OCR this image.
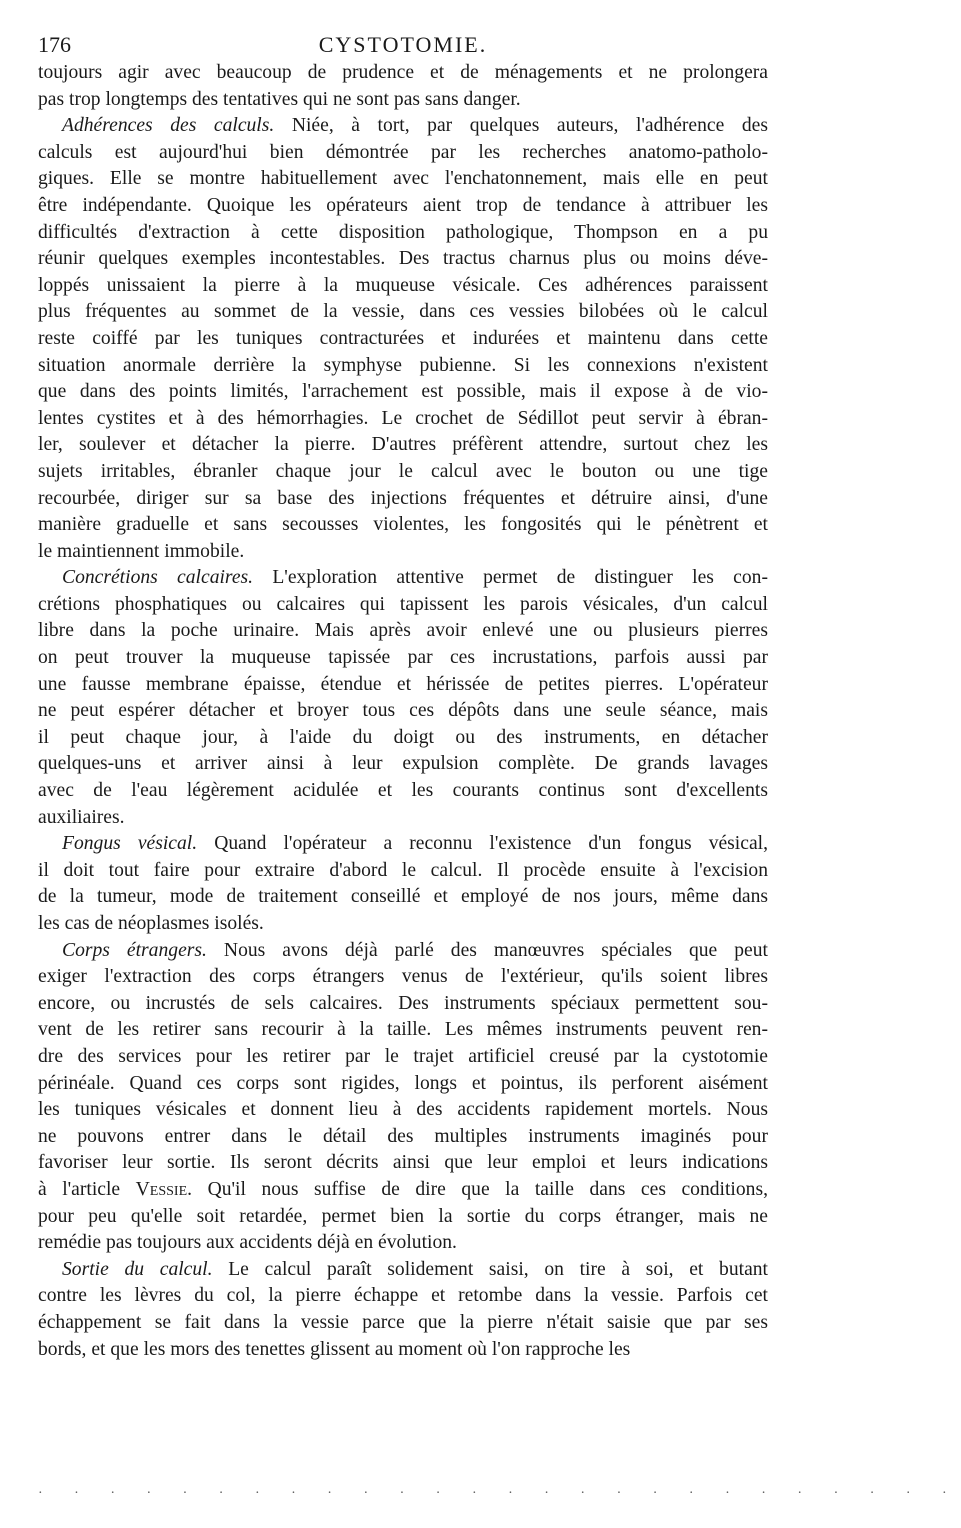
176	CYSTOTOMIE.
toujours agir avec beaucoup de prudence et de ménagements et ne prolongera
pas trop longtemps des tentatives qui ne sont pas sans danger.
Adhérences des calculs. Niée, à tort, par quelques auteurs, l'adhérence des
calculs est aujourd'hui bien démontrée par les recherches anatomo-patholo-
giques. Elle se montre habituellement avec l'enchatonnement, mais elle en peut
être indépendante. Quoique les opérateurs aient trop de tendance à attribuer les
difficultés d'extraction à cette disposition pathologique, Thompson en a pu
réunir quelques exemples incontestables. Des tractus charnus plus ou moins déve-
loppés unissaient la pierre à la muqueuse vésicale. Ces adhérences paraissent
plus fréquentes au sommet de la vessie, dans ces vessies bilobées où le calcul
reste coiffé par les tuniques contracturées et indurées et maintenu dans cette
situation anormale derrière la symphyse pubienne. Si les connexions n'existent
que dans des points limités, l'arrachement est possible, mais il expose à de vio-
lentes cystites et à des hémorrhagies. Le crochet de Sédillot peut servir à ébran-
ler, soulever et détacher la pierre. D'autres préfèrent attendre, surtout chez les
sujets irritables, ébranler chaque jour le calcul avec le bouton ou une tige
recourbée, diriger sur sa base des injections fréquentes et détruire ainsi, d'une
manière graduelle et sans secousses violentes, les fongosités qui le pénètrent et
le maintiennent immobile.
Concrétions calcaires. L'exploration attentive permet de distinguer les con-
crétions phosphatiques ou calcaires qui tapissent les parois vésicales, d'un calcul
libre dans la poche urinaire. Mais après avoir enlevé une ou plusieurs pierres
on peut trouver la muqueuse tapissée par ces incrustations, parfois aussi par
une fausse membrane épaisse, étendue et hérissée de petites pierres. L'opérateur
ne peut espérer détacher et broyer tous ces dépôts dans une seule séance, mais
il peut chaque jour, à l'aide du doigt ou des instruments, en détacher
quelques-uns et arriver ainsi à leur expulsion complète. De grands lavages
avec de l'eau légèrement acidulée et les courants continus sont d'excellents
auxiliaires.
Fongus vésical. Quand l'opérateur a reconnu l'existence d'un fongus vésical,
il doit tout faire pour extraire d'abord le calcul. Il procède ensuite à l'excision
de la tumeur, mode de traitement conseillé et employé de nos jours, même dans
les cas de néoplasmes isolés.
Corps étrangers. Nous avons déjà parlé des manœuvres spéciales que peut
exiger l'extraction des corps étrangers venus de l'extérieur, qu'ils soient libres
encore, ou incrustés de sels calcaires. Des instruments spéciaux permettent sou-
vent de les retirer sans recourir à la taille. Les mêmes instruments peuvent ren-
dre des services pour les retirer par le trajet artificiel creusé par la cystotomie
périnéale. Quand ces corps sont rigides, longs et pointus, ils perforent aisément
les tuniques vésicales et donnent lieu à des accidents rapidement mortels. Nous
ne pouvons entrer dans le détail des multiples instruments imaginés pour
favoriser leur sortie. Ils seront décrits ainsi que leur emploi et leurs indications
à l'article Vessie. Qu'il nous suffise de dire que la taille dans ces conditions,
pour peu qu'elle soit retardée, permet bien la sortie du corps étranger, mais ne
remédie pas toujours aux accidents déjà en évolution.
Sortie du calcul. Le calcul paraît solidement saisi, on tire à soi, et butant
contre les lèvres du col, la pierre échappe et retombe dans la vessie. Parfois cet
échappement se fait dans la vessie parce que la pierre n'était saisie que par ses
bords, et que les mors des tenettes glissent au moment où l'on rapproche les
· · · · · · · · · · · · · · · · · · · · · · · · · ·
